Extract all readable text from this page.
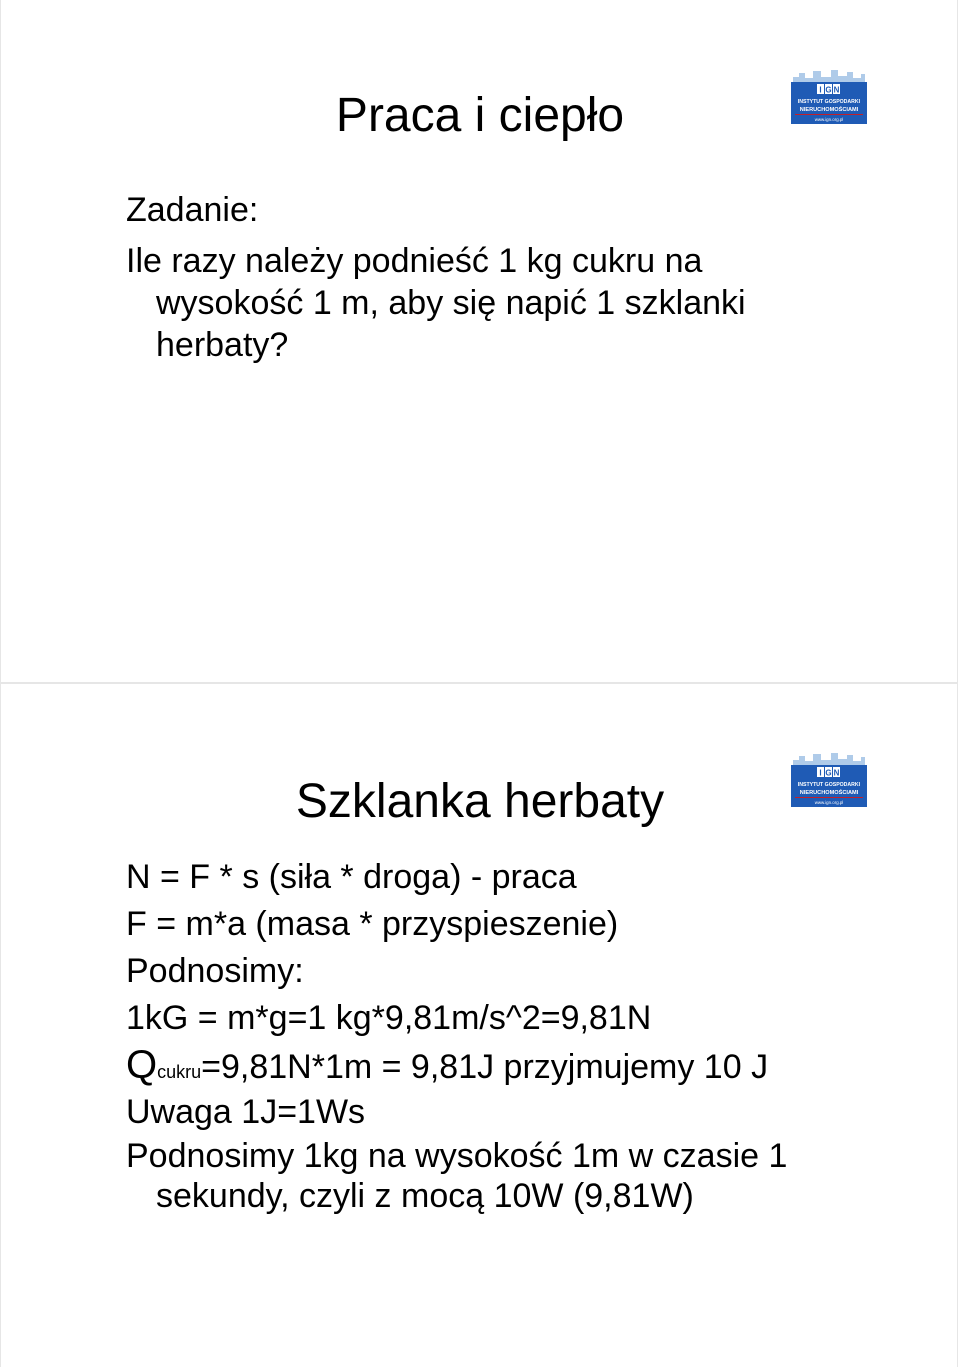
Praca i ciepło	I G N
INSTYTUT GOSPODARKI
NIERUCHOMOŚCIAMI
www.ign.org.pl
Zadanie:
Ile razy należy podnieść 1 kg cukru na
wysokość 1 m, aby się napić 1 szklanki
herbaty?
Szklanka herbaty
I G N
INSTYTUT GOSPODARKI
NIERUCHOMOŚCIAMI
www.ign.org.pl
N = F * s (siła * droga) - praca
F = m*a (masa * przyspieszenie)
Podnosimy:
1kG = m*g=1 kg*9,81m/s^2=9,81N
Qcukru=9,81N*1m = 9,81J przyjmujemy 10 J
Uwaga 1J=1Ws
Podnosimy 1kg na wysokość 1m w czasie 1
sekundy, czyli z mocą 10W (9,81W)
